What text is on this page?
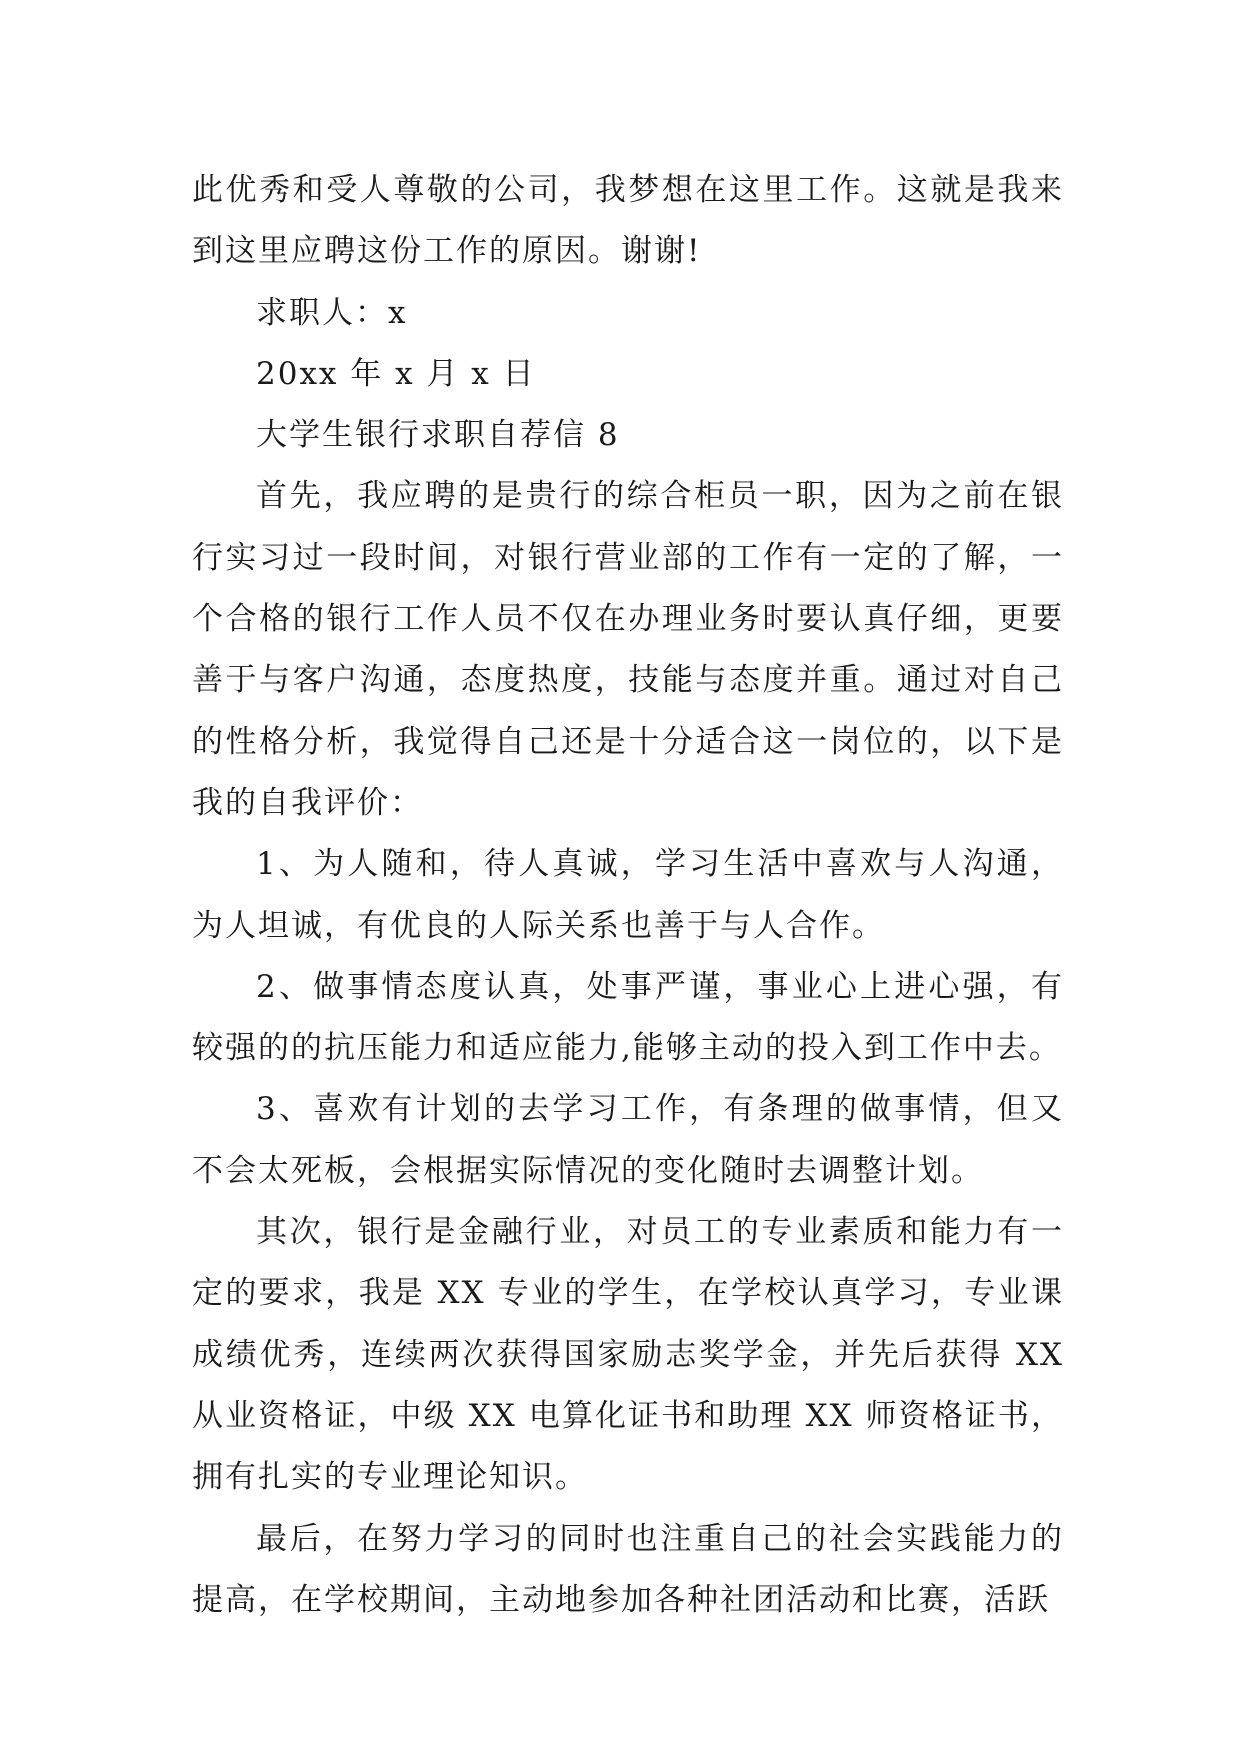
此优秀和受人尊敬的公司，我梦想在这里工作。这就是我来到这里应聘这份工作的原因。谢谢!

求职人：x

20xx 年 x 月 x 日

大学生银行求职自荐信 8

首先，我应聘的是贵行的综合柜员一职，因为之前在银行实习过一段时间，对银行营业部的工作有一定的了解，一个合格的银行工作人员不仅在办理业务时要认真仔细，更要善于与客户沟通，态度热度，技能与态度并重。通过对自己的性格分析，我觉得自己还是十分适合这一岗位的，以下是我的自我评价：

1、为人随和，待人真诚，学习生活中喜欢与人沟通，为人坦诚，有优良的人际关系也善于与人合作。

2、做事情态度认真，处事严谨，事业心上进心强，有较强的的抗压能力和适应能力,能够主动的投入到工作中去。

3、喜欢有计划的去学习工作，有条理的做事情，但又不会太死板，会根据实际情况的变化随时去调整计划。

其次，银行是金融行业，对员工的专业素质和能力有一定的要求，我是 XX 专业的学生，在学校认真学习，专业课成绩优秀，连续两次获得国家励志奖学金，并先后获得 XX 从业资格证，中级 XX 电算化证书和助理 XX 师资格证书，拥有扎实的专业理论知识。

最后，在努力学习的同时也注重自己的社会实践能力的提高，在学校期间，主动地参加各种社团活动和比赛，活跃
